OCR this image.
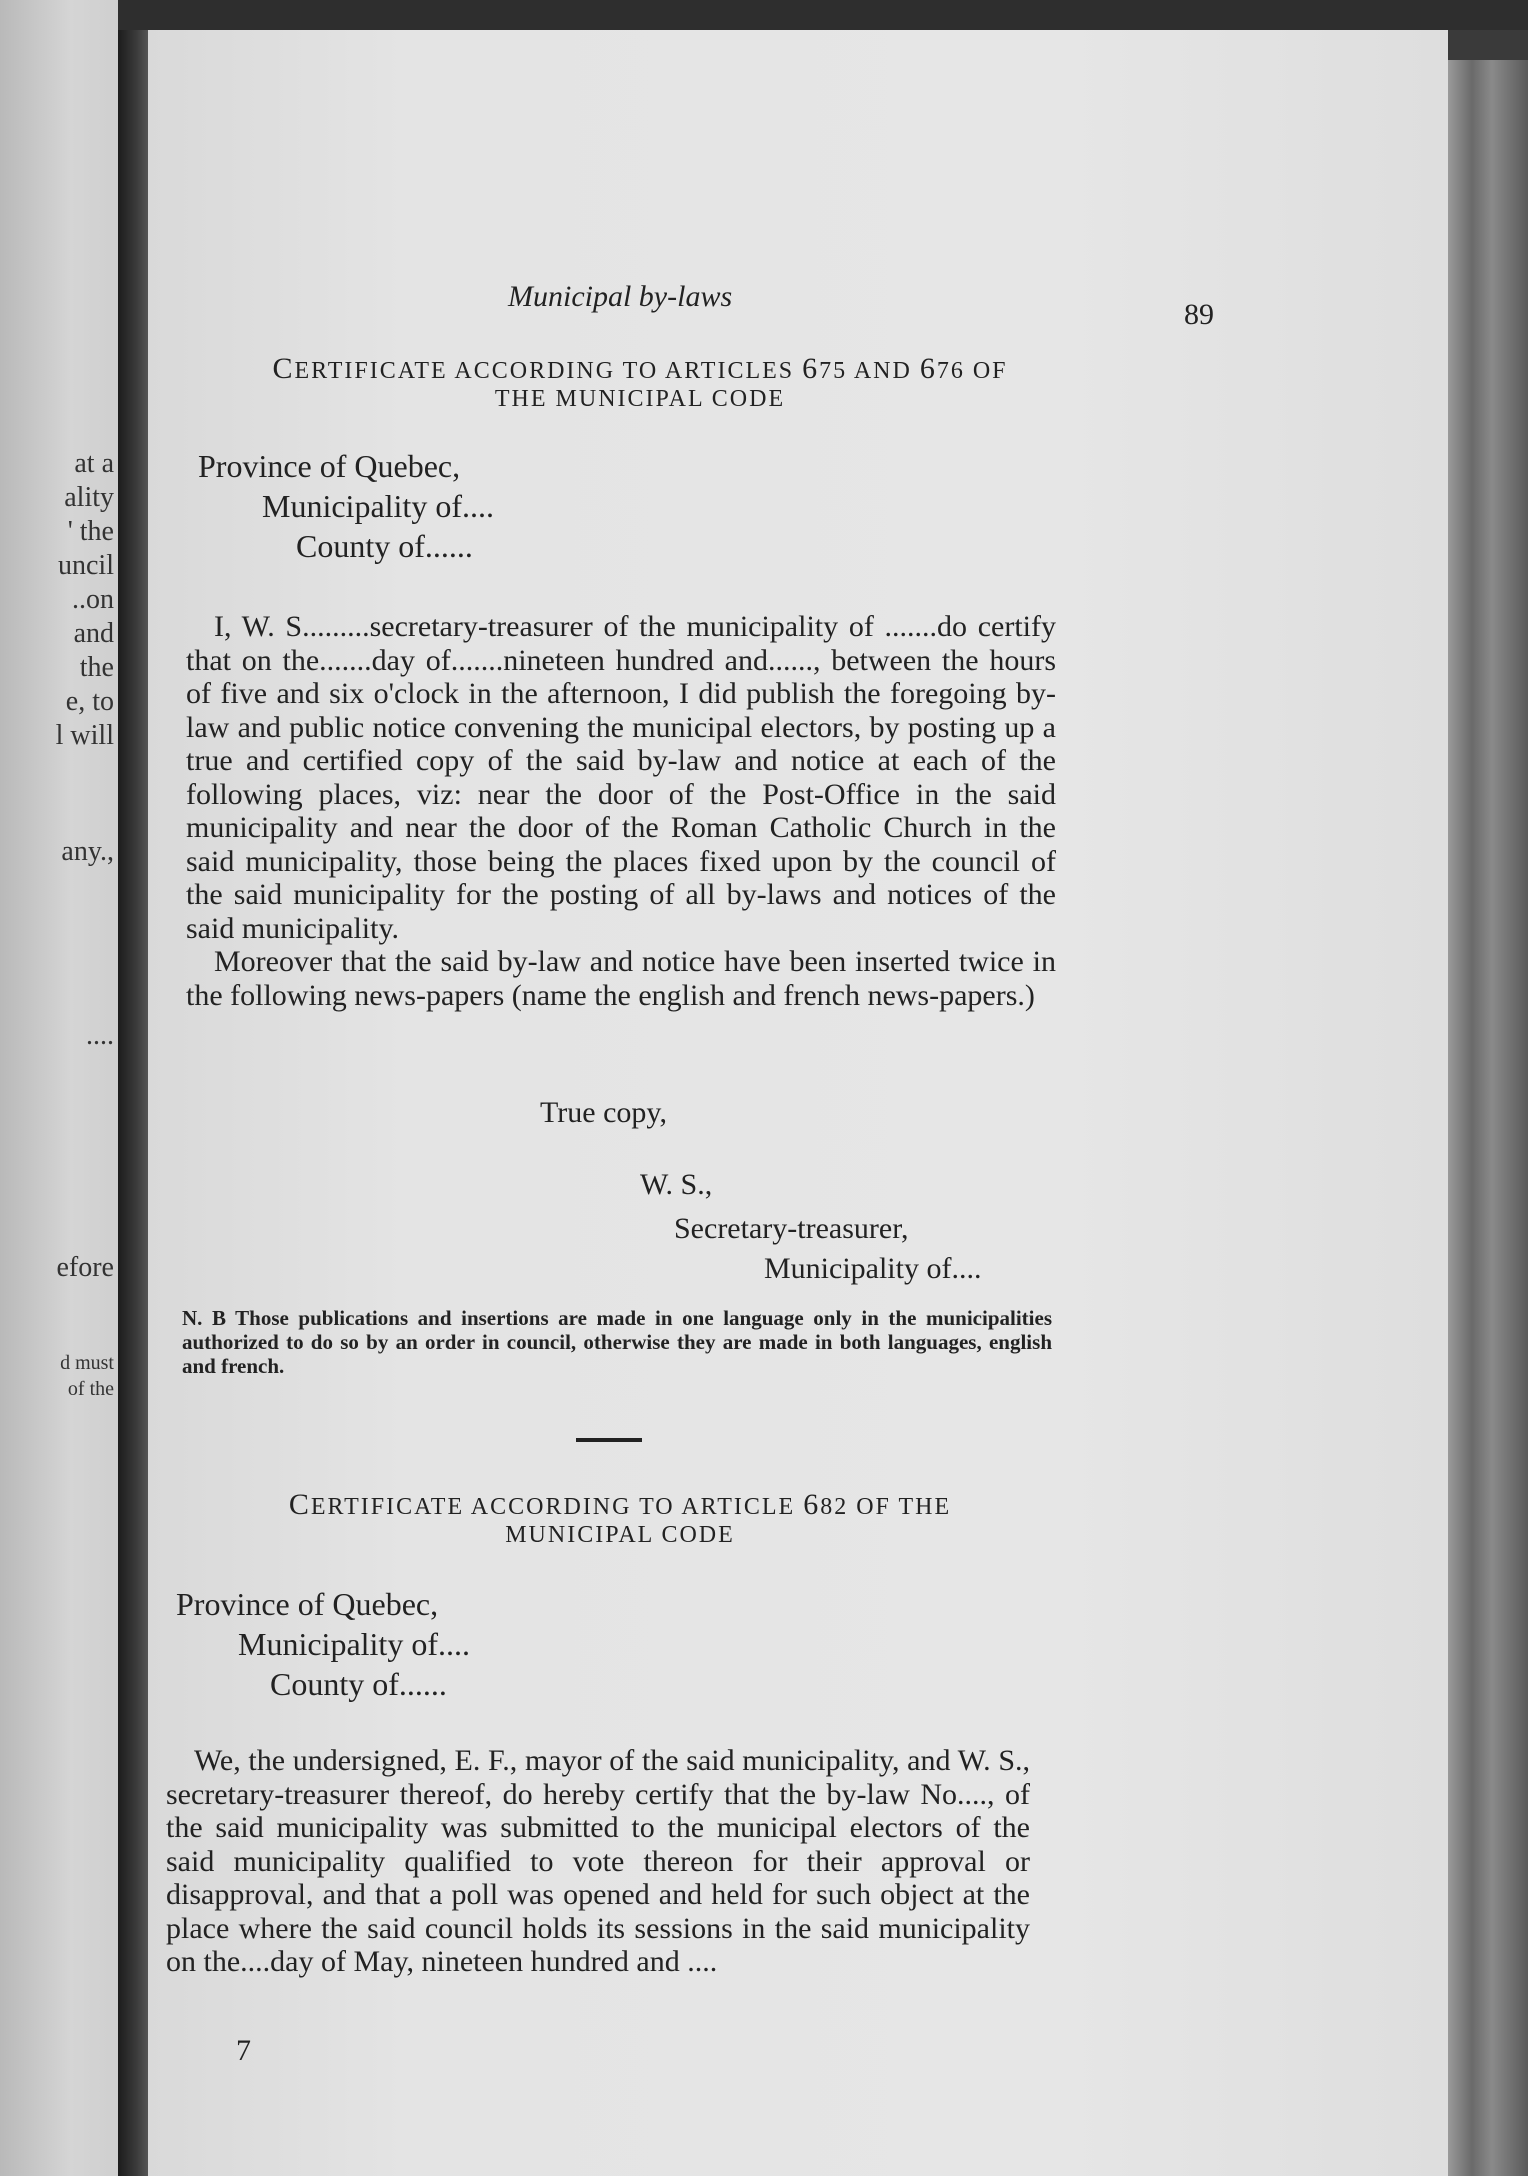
at a
ality
' the
uncil
..on
and
the
e, to
l will
any.,
....
efore
d must
of the
Municipal by-laws
89
CERTIFICATE ACCORDING TO ARTICLES 675 AND 676 OF
THE MUNICIPAL CODE
Province of Quebec,
Municipality of....
County of......

I, W. S.........secretary-treasurer of the municipality of .......do certify that on the.......day of.......nineteen hundred and......, between the hours of five and six o'clock in the afternoon, I did publish the foregoing by-law and public notice convening the municipal electors, by posting up a true and certified copy of the said by-law and notice at each of the following places, viz: near the door of the Post-Office in the said municipality and near the door of the Roman Catholic Church in the said municipality, those being the places fixed upon by the council of the said municipality for the posting of all by-laws and notices of the said municipality.

Moreover that the said by-law and notice have been inserted twice in the following news-papers (name the english and french news-papers.)

True copy,
W. S.,
Secretary-treasurer,
Municipality of....
N. B Those publications and insertions are made in one language only in the municipalities authorized to do so by an order in council, otherwise they are made in both languages, english and french.
CERTIFICATE ACCORDING TO ARTICLE 682 OF THE
MUNICIPAL CODE
Province of Quebec,
Municipality of....
County of......

We, the undersigned, E. F., mayor of the said municipality, and W. S., secretary-treasurer thereof, do hereby certify that the by-law No...., of the said municipality was submitted to the municipal electors of the said municipality qualified to vote thereon for their approval or disapproval, and that a poll was opened and held for such object at the place where the said council holds its sessions in the said municipality on the....day of May, nineteen hundred and ....

7
